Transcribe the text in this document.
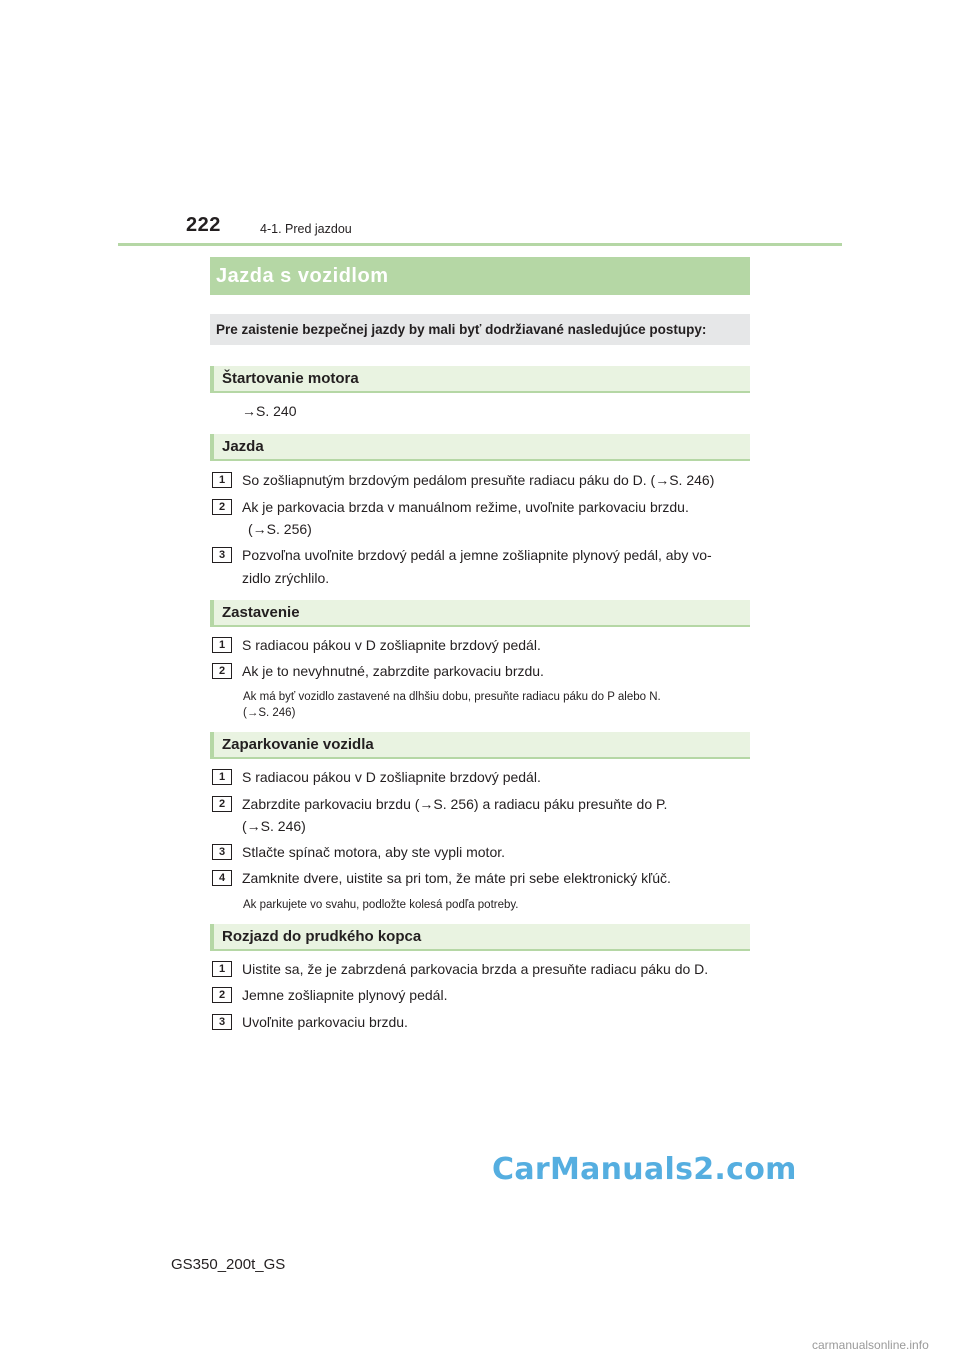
222	4-1. Pred jazdou
Jazda s vozidlom
Pre zaistenie bezpečnej jazdy by mali byť dodržiavané nasledujúce postupy:
Štartovanie motora
→S. 240
Jazda
1	So zošliapnutým brzdovým pedálom presuňte radiacu páku do D. (→S. 246)
2	Ak je parkovacia brzda v manuálnom režime, uvoľnite parkovaciu brzdu.
(→S. 256)
3	Pozvoľna uvoľnite brzdový pedál a jemne zošliapnite plynový pedál, aby vo-
zidlo zrýchlilo.
Zastavenie
1	S radiacou pákou v D zošliapnite brzdový pedál.
2	Ak je to nevyhnutné, zabrzdite parkovaciu brzdu.
Ak má byť vozidlo zastavené na dlhšiu dobu, presuňte radiacu páku do P alebo N.
(→S. 246)
Zaparkovanie vozidla
1	S radiacou pákou v D zošliapnite brzdový pedál.
2	Zabrzdite parkovaciu brzdu (→S. 256) a radiacu páku presuňte do P.
(→S. 246)
3	Stlačte spínač motora, aby ste vypli motor.
4	Zamknite dvere, uistite sa pri tom, že máte pri sebe elektronický kľúč.
Ak parkujete vo svahu, podložte kolesá podľa potreby.
Rozjazd do prudkého kopca
1	Uistite sa, že je zabrzdená parkovacia brzda a presuňte radiacu páku do D.
2	Jemne zošliapnite plynový pedál.
3	Uvoľnite parkovaciu brzdu.
CarManuals2.com
carmanualsonline.info
GS350_200t_GS
